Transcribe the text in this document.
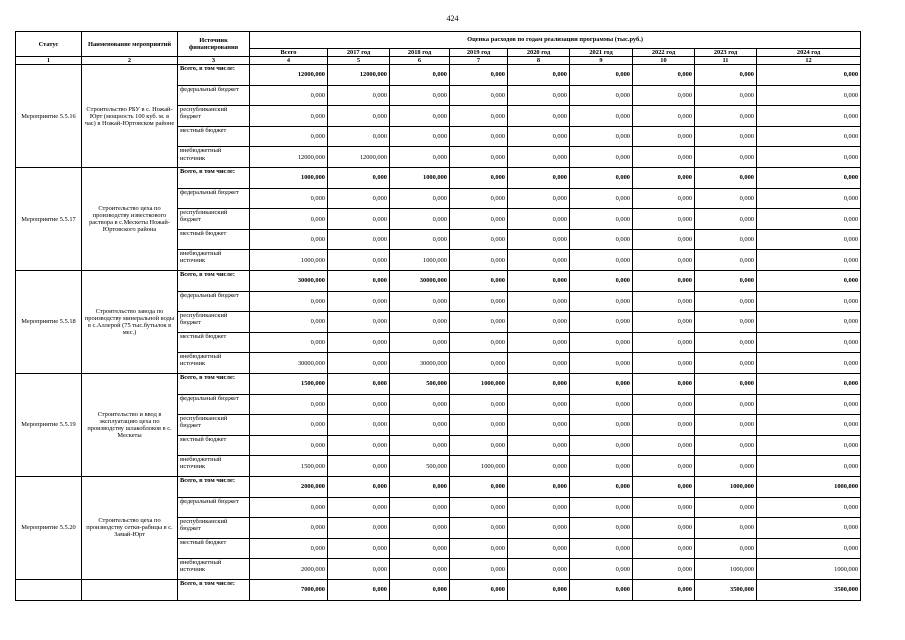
424
Статус	Наименование мероприятий	Источник финансирования	Оценка расходов по годам реализации программы (тыс.руб.)								
			Всего	2017 год	2018 год	2019 год	2020 год	2021 год	2022 год	2023 год	2024 год
1	2	3	4	5	6	7	8	9	10	11	12
Мероприятие 5.5.16	Строительство РБУ в с. Ножай-Юрт (мощность 100 куб. м. в час) в Ножай-Юртовском районе	Всего, в том числе:	12000,000	12000,000	0,000	0,000	0,000	0,000	0,000	0,000	0,000
		федеральный бюджет	0,000	0,000	0,000	0,000	0,000	0,000	0,000	0,000	0,000
		республиканский бюджет	0,000	0,000	0,000	0,000	0,000	0,000	0,000	0,000	0,000
		местный бюджет	0,000	0,000	0,000	0,000	0,000	0,000	0,000	0,000	0,000
		внебюджетный источник	12000,000	12000,000	0,000	0,000	0,000	0,000	0,000	0,000	0,000
Мероприятие 5.5.17	Строительство цеха по производству известкового раствора в с.Мескеты Ножай-Юртовского района	Всего, в том числе:	1000,000	0,000	1000,000	0,000	0,000	0,000	0,000	0,000	0,000
		федеральный бюджет	0,000	0,000	0,000	0,000	0,000	0,000	0,000	0,000	0,000
		республиканский бюджет	0,000	0,000	0,000	0,000	0,000	0,000	0,000	0,000	0,000
		местный бюджет	0,000	0,000	0,000	0,000	0,000	0,000	0,000	0,000	0,000
		внебюджетный источник	1000,000	0,000	1000,000	0,000	0,000	0,000	0,000	0,000	0,000
Мероприятие 5.5.18	Строительство завода по производству минеральной воды в с.Аллерой (75 тыс.бутылок в мес.)	Всего, в том числе:	30000,000	0,000	30000,000	0,000	0,000	0,000	0,000	0,000	0,000
		федеральный бюджет	0,000	0,000	0,000	0,000	0,000	0,000	0,000	0,000	0,000
		республиканский бюджет	0,000	0,000	0,000	0,000	0,000	0,000	0,000	0,000	0,000
		местный бюджет	0,000	0,000	0,000	0,000	0,000	0,000	0,000	0,000	0,000
		внебюджетный источник	30000,000	0,000	30000,000	0,000	0,000	0,000	0,000	0,000	0,000
Мероприятие 5.5.19	Строительство и ввод в эксплуатацию цеха по производству шлакоблоков в с. Мескеты	Всего, в том числе:	1500,000	0,000	500,000	1000,000	0,000	0,000	0,000	0,000	0,000
		федеральный бюджет	0,000	0,000	0,000	0,000	0,000	0,000	0,000	0,000	0,000
		республиканский бюджет	0,000	0,000	0,000	0,000	0,000	0,000	0,000	0,000	0,000
		местный бюджет	0,000	0,000	0,000	0,000	0,000	0,000	0,000	0,000	0,000
		внебюджетный источник	1500,000	0,000	500,000	1000,000	0,000	0,000	0,000	0,000	0,000
Мероприятие 5.5.20	Строительство цеха по производству сетки-рабицы в с. Замай-Юрт	Всего, в том числе:	2000,000	0,000	0,000	0,000	0,000	0,000	0,000	1000,000	1000,000
		федеральный бюджет	0,000	0,000	0,000	0,000	0,000	0,000	0,000	0,000	0,000
		республиканский бюджет	0,000	0,000	0,000	0,000	0,000	0,000	0,000	0,000	0,000
		местный бюджет	0,000	0,000	0,000	0,000	0,000	0,000	0,000	0,000	0,000
		внебюджетный источник	2000,000	0,000	0,000	0,000	0,000	0,000	0,000	1000,000	1000,000
		Всего, в том числе:	7000,000	0,000	0,000	0,000	0,000	0,000	0,000	3500,000	3500,000
